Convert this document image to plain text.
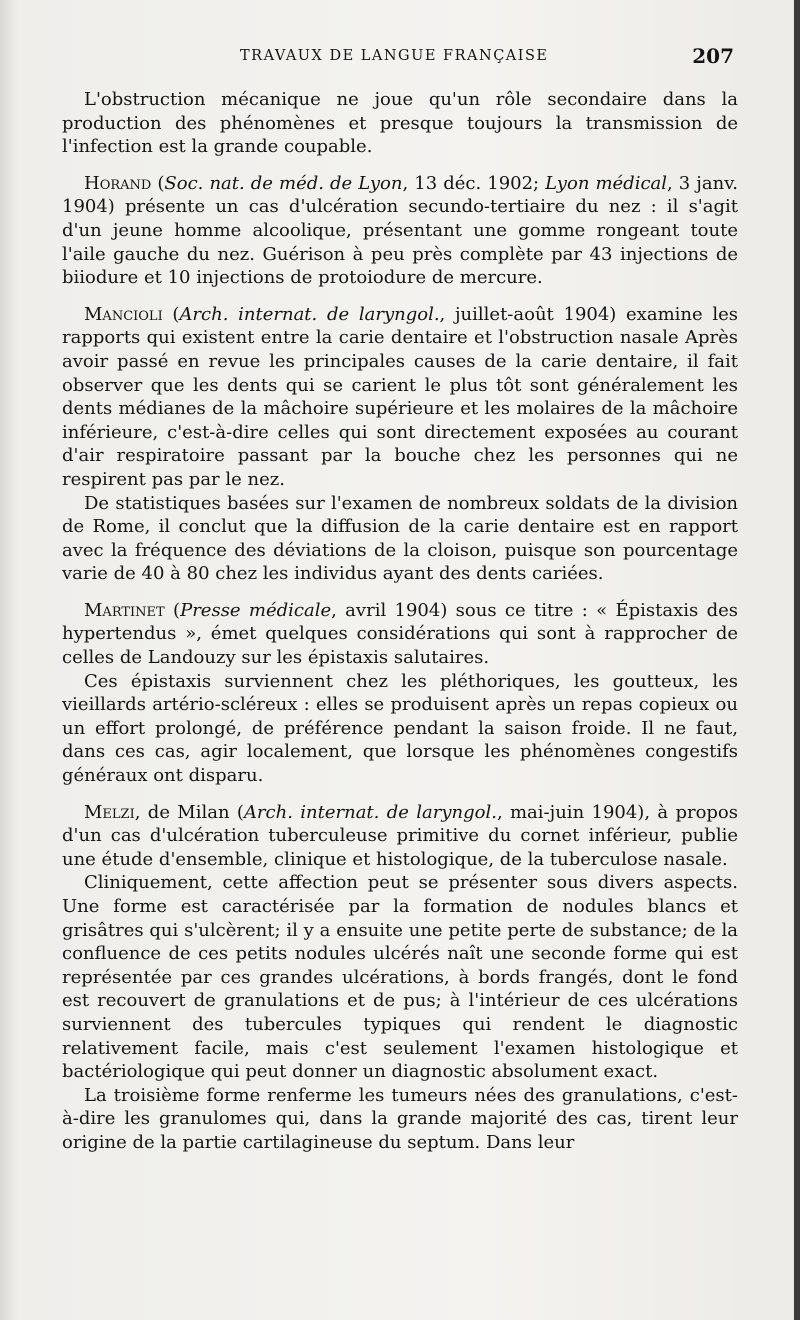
TRAVAUX DE LANGUE FRANÇAISE	207

L'obstruction mécanique ne joue qu'un rôle secondaire dans la production des phénomènes et presque toujours la transmission de l'infection est la grande coupable.

Horand (Soc. nat. de méd. de Lyon, 13 déc. 1902; Lyon médical, 3 janv. 1904) présente un cas d'ulcération secundo-tertiaire du nez : il s'agit d'un jeune homme alcoolique, présentant une gomme rongeant toute l'aile gauche du nez. Guérison à peu près complète par 43 injections de biiodure et 10 injections de protoiodure de mercure.

Mancioli (Arch. internat. de laryngol., juillet-août 1904) examine les rapports qui existent entre la carie dentaire et l'obstruction nasale Après avoir passé en revue les principales causes de la carie dentaire, il fait observer que les dents qui se carient le plus tôt sont généralement les dents médianes de la mâchoire supérieure et les molaires de la mâchoire inférieure, c'est-à-dire celles qui sont directement exposées au courant d'air respiratoire passant par la bouche chez les personnes qui ne respirent pas par le nez.

De statistiques basées sur l'examen de nombreux soldats de la division de Rome, il conclut que la diffusion de la carie dentaire est en rapport avec la fréquence des déviations de la cloison, puisque son pourcentage varie de 40 à 80 chez les individus ayant des dents cariées.

Martinet (Presse médicale, avril 1904) sous ce titre : « Épistaxis des hypertendus », émet quelques considérations qui sont à rapprocher de celles de Landouzy sur les épistaxis salutaires.

Ces épistaxis surviennent chez les pléthoriques, les goutteux, les vieillards artério-scléreux : elles se produisent après un repas copieux ou un effort prolongé, de préférence pendant la saison froide. Il ne faut, dans ces cas, agir localement, que lorsque les phénomènes congestifs généraux ont disparu.

Melzi, de Milan (Arch. internat. de laryngol., mai-juin 1904), à propos d'un cas d'ulcération tuberculeuse primitive du cornet inférieur, publie une étude d'ensemble, clinique et histologique, de la tuberculose nasale.

Cliniquement, cette affection peut se présenter sous divers aspects. Une forme est caractérisée par la formation de nodules blancs et grisâtres qui s'ulcèrent; il y a ensuite une petite perte de substance; de la confluence de ces petits nodules ulcérés naît une seconde forme qui est représentée par ces grandes ulcérations, à bords frangés, dont le fond est recouvert de granulations et de pus; à l'intérieur de ces ulcérations surviennent des tubercules typiques qui rendent le diagnostic relativement facile, mais c'est seulement l'examen histologique et bactériologique qui peut donner un diagnostic absolument exact.

La troisième forme renferme les tumeurs nées des granulations, c'est-à-dire les granulomes qui, dans la grande majorité des cas, tirent leur origine de la partie cartilagineuse du septum. Dans leur
